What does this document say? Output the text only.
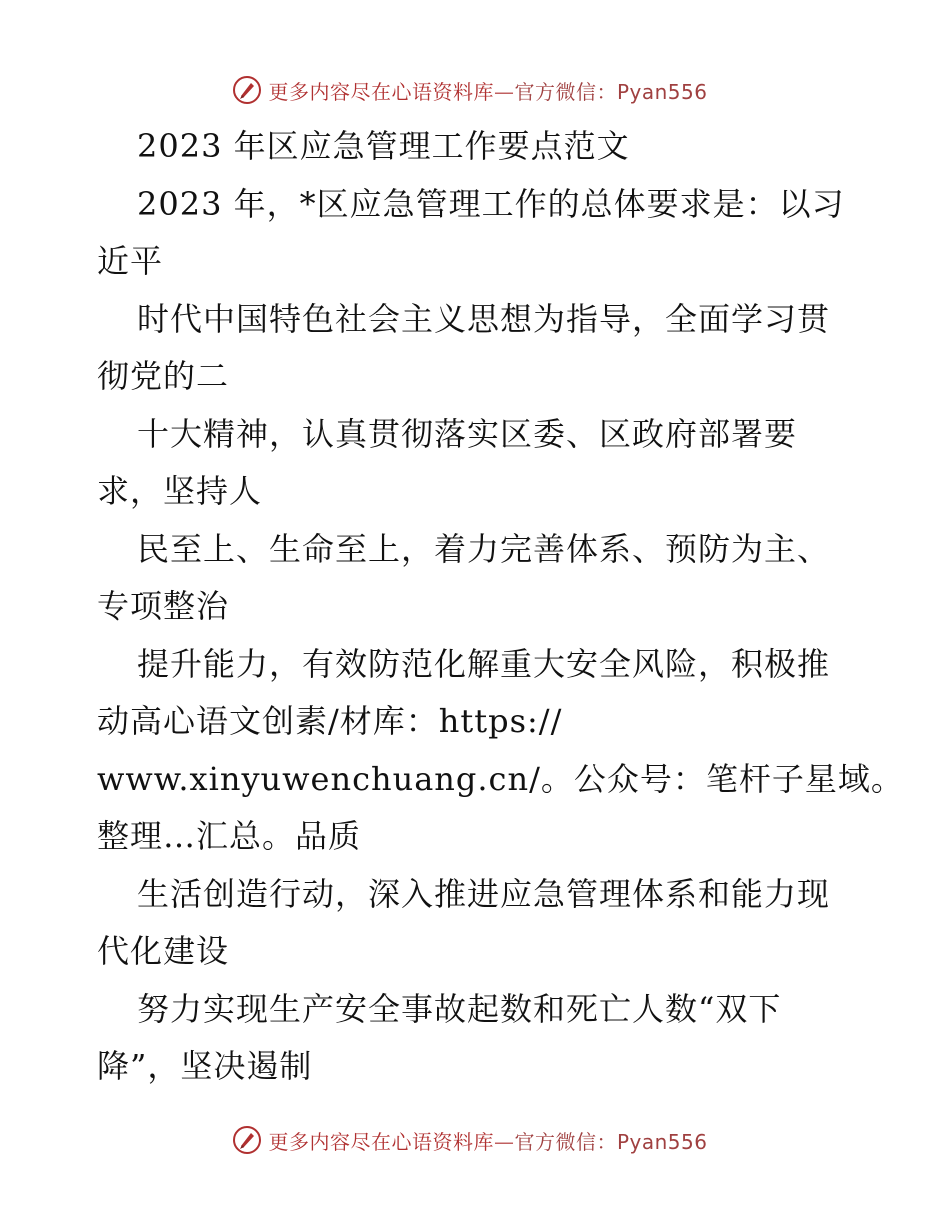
更多内容尽在心语资料库—官方微信：Pyan556
2023 年区应急管理工作要点范文
2023 年，*区应急管理工作的总体要求是：以习
近平
时代中国特色社会主义思想为指导，全面学习贯
彻党的二
十大精神，认真贯彻落实区委、区政府部署要
求，坚持人
民至上、生命至上，着力完善体系、预防为主、
专项整治
提升能力，有效防范化解重大安全风险，积极推
动高心语文创素/材库：https://
www.xinyuwenchuang.cn/。公众号：笔杆子星域。
整理…汇总。品质
生活创造行动，深入推进应急管理体系和能力现
代化建设
努力实现生产安全事故起数和死亡人数“双下
降”，坚决遏制
更多内容尽在心语资料库—官方微信：Pyan556
